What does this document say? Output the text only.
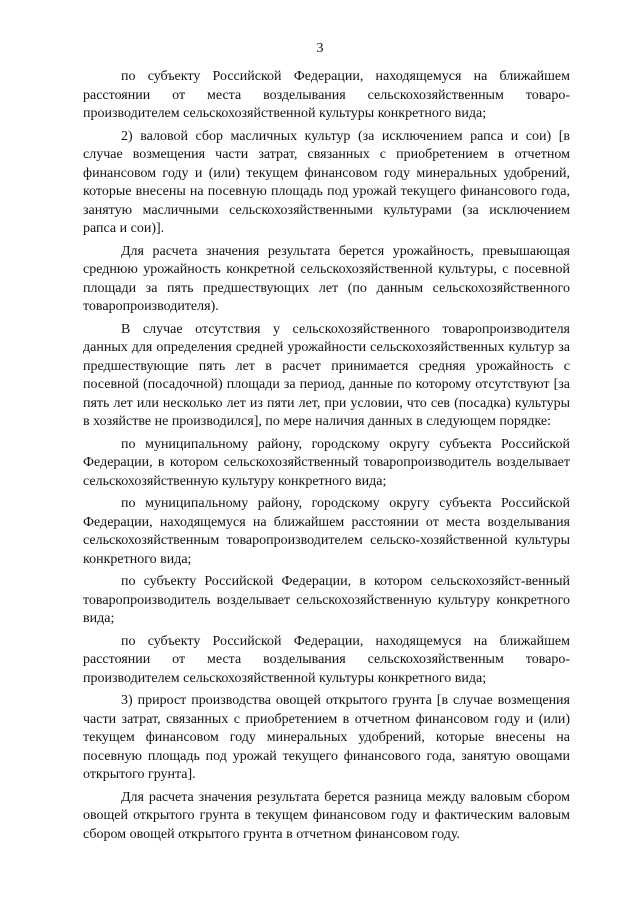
3

по субъекту Российской Федерации, находящемуся на ближайшем расстоянии от места возделывания сельскохозяйственным товаро-производителем сельскохозяйственной культуры конкретного вида;

2) валовой сбор масличных культур (за исключением рапса и сои) [в случае возмещения части затрат, связанных с приобретением в отчетном финансовом году и (или) текущем финансовом году минеральных удобрений, которые внесены на посевную площадь под урожай текущего финансового года, занятую масличными сельскохозяйственными культурами (за исключением рапса и сои)].

Для расчета значения результата берется урожайность, превышающая среднюю урожайность конкретной сельскохозяйственной культуры, с посевной площади за пять предшествующих лет (по данным сельскохозяйственного товаропроизводителя).

В случае отсутствия у сельскохозяйственного товаропроизводителя данных для определения средней урожайности сельскохозяйственных культур за предшествующие пять лет в расчет принимается средняя урожайность с посевной (посадочной) площади за период, данные по которому отсутствуют [за пять лет или несколько лет из пяти лет, при условии, что сев (посадка) культуры в хозяйстве не производился], по мере наличия данных в следующем порядке:

по муниципальному району, городскому округу субъекта Российской Федерации, в котором сельскохозяйственный товаропроизводитель возделывает сельскохозяйственную культуру конкретного вида;

по муниципальному району, городскому округу субъекта Российской Федерации, находящемуся на ближайшем расстоянии от места возделывания сельскохозяйственным товаропроизводителем сельско-хозяйственной культуры конкретного вида;

по субъекту Российской Федерации, в котором сельскохозяйст-венный товаропроизводитель возделывает сельскохозяйственную культуру конкретного вида;

по субъекту Российской Федерации, находящемуся на ближайшем расстоянии от места возделывания сельскохозяйственным товаро-производителем сельскохозяйственной культуры конкретного вида;

3) прирост производства овощей открытого грунта [в случае возмещения части затрат, связанных с приобретением в отчетном финансовом году и (или) текущем финансовом году минеральных удобрений, которые внесены на посевную площадь под урожай текущего финансового года, занятую овощами открытого грунта].

Для расчета значения результата берется разница между валовым сбором овощей открытого грунта в текущем финансовом году и фактическим валовым сбором овощей открытого грунта в отчетном финансовом году.
